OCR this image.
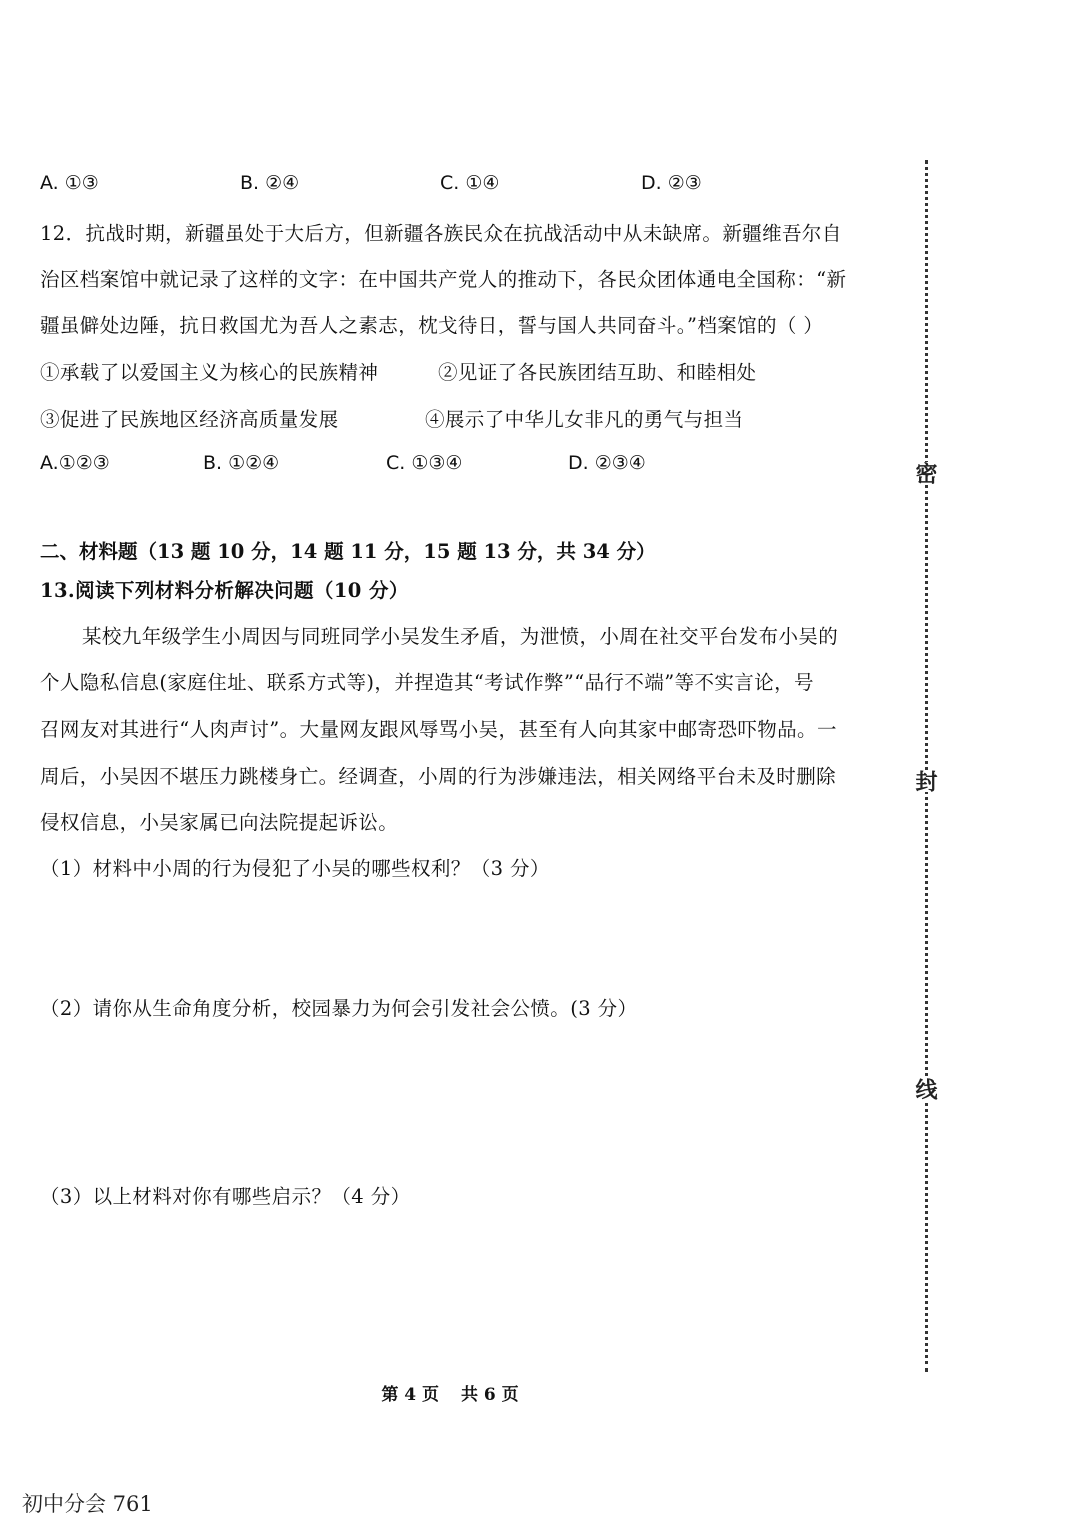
A. ①③	B. ②④	C. ①④	D. ②③
12．抗战时期，新疆虽处于大后方，但新疆各族民众在抗战活动中从未缺席。新疆维吾尔自
治区档案馆中就记录了这样的文字：在中国共产党人的推动下，各民众团体通电全国称：“新
疆虽僻处边陲，抗日救国尤为吾人之素志，枕戈待日，誓与国人共同奋斗。”档案馆的（ ）
①承载了以爱国主义为核心的民族精神	②见证了各民族团结互助、和睦相处
③促进了民族地区经济高质量发展	④展示了中华儿女非凡的勇气与担当
A.①②③	B. ①②④	C. ①③④	D. ②③④
二、材料题（13 题 10 分，14 题 11 分，15 题 13 分，共 34 分）
13.阅读下列材料分析解决问题（10 分）
某校九年级学生小周因与同班同学小吴发生矛盾，为泄愤，小周在社交平台发布小吴的
个人隐私信息(家庭住址、联系方式等)，并捏造其“考试作弊”“品行不端”等不实言论，号
召网友对其进行“人肉声讨”。大量网友跟风辱骂小吴，甚至有人向其家中邮寄恐吓物品。一
周后，小吴因不堪压力跳楼身亡。经调查，小周的行为涉嫌违法，相关网络平台未及时删除
侵权信息，小吴家属已向法院提起诉讼。
（1）材料中小周的行为侵犯了小吴的哪些权利？（3 分）
（2）请你从生命角度分析，校园暴力为何会引发社会公愤。(3 分）
（3）以上材料对你有哪些启示？（4 分）
第 4 页 共 6 页
密
封
线
初中分会 761
